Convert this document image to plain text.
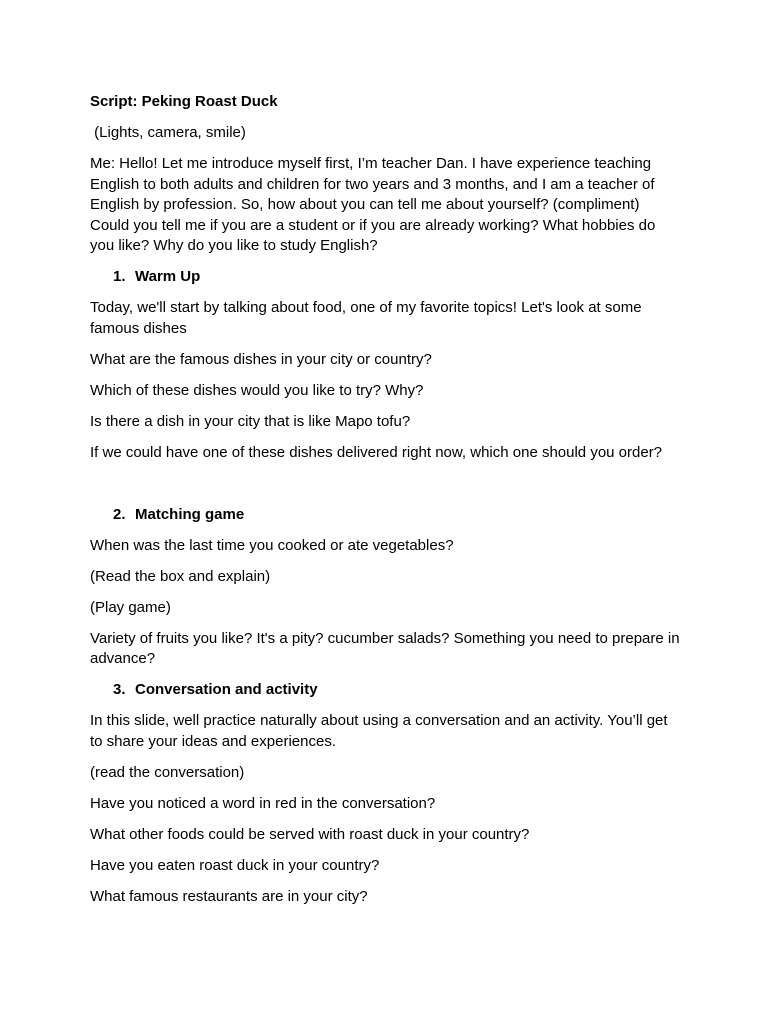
Script: Peking Roast Duck

(Lights, camera, smile)

Me: Hello! Let me introduce myself first, I’m teacher Dan. I have experience teaching English to both adults and children for two years and 3 months, and I am a teacher of English by profession. So, how about you can tell me about yourself? (compliment) Could you tell me if you are a student or if you are already working? What hobbies do you like? Why do you like to study English?

1. Warm Up

Today, we'll start by talking about food, one of my favorite topics! Let's look at some famous dishes

What are the famous dishes in your city or country?

Which of these dishes would you like to try? Why?

Is there a dish in your city that is like Mapo tofu?

If we could have one of these dishes delivered right now, which one should you order?

2. Matching game

When was the last time you cooked or ate vegetables?

(Read the box and explain)

(Play game)

Variety of fruits you like? It's a pity? cucumber salads? Something you need to prepare in advance?

3. Conversation and activity

In this slide, well practice naturally about using a conversation and an activity. You’ll get to share your ideas and experiences.

(read the conversation)

Have you noticed a word in red in the conversation?

What other foods could be served with roast duck in your country?

Have you eaten roast duck in your country?

What famous restaurants are in your city?
